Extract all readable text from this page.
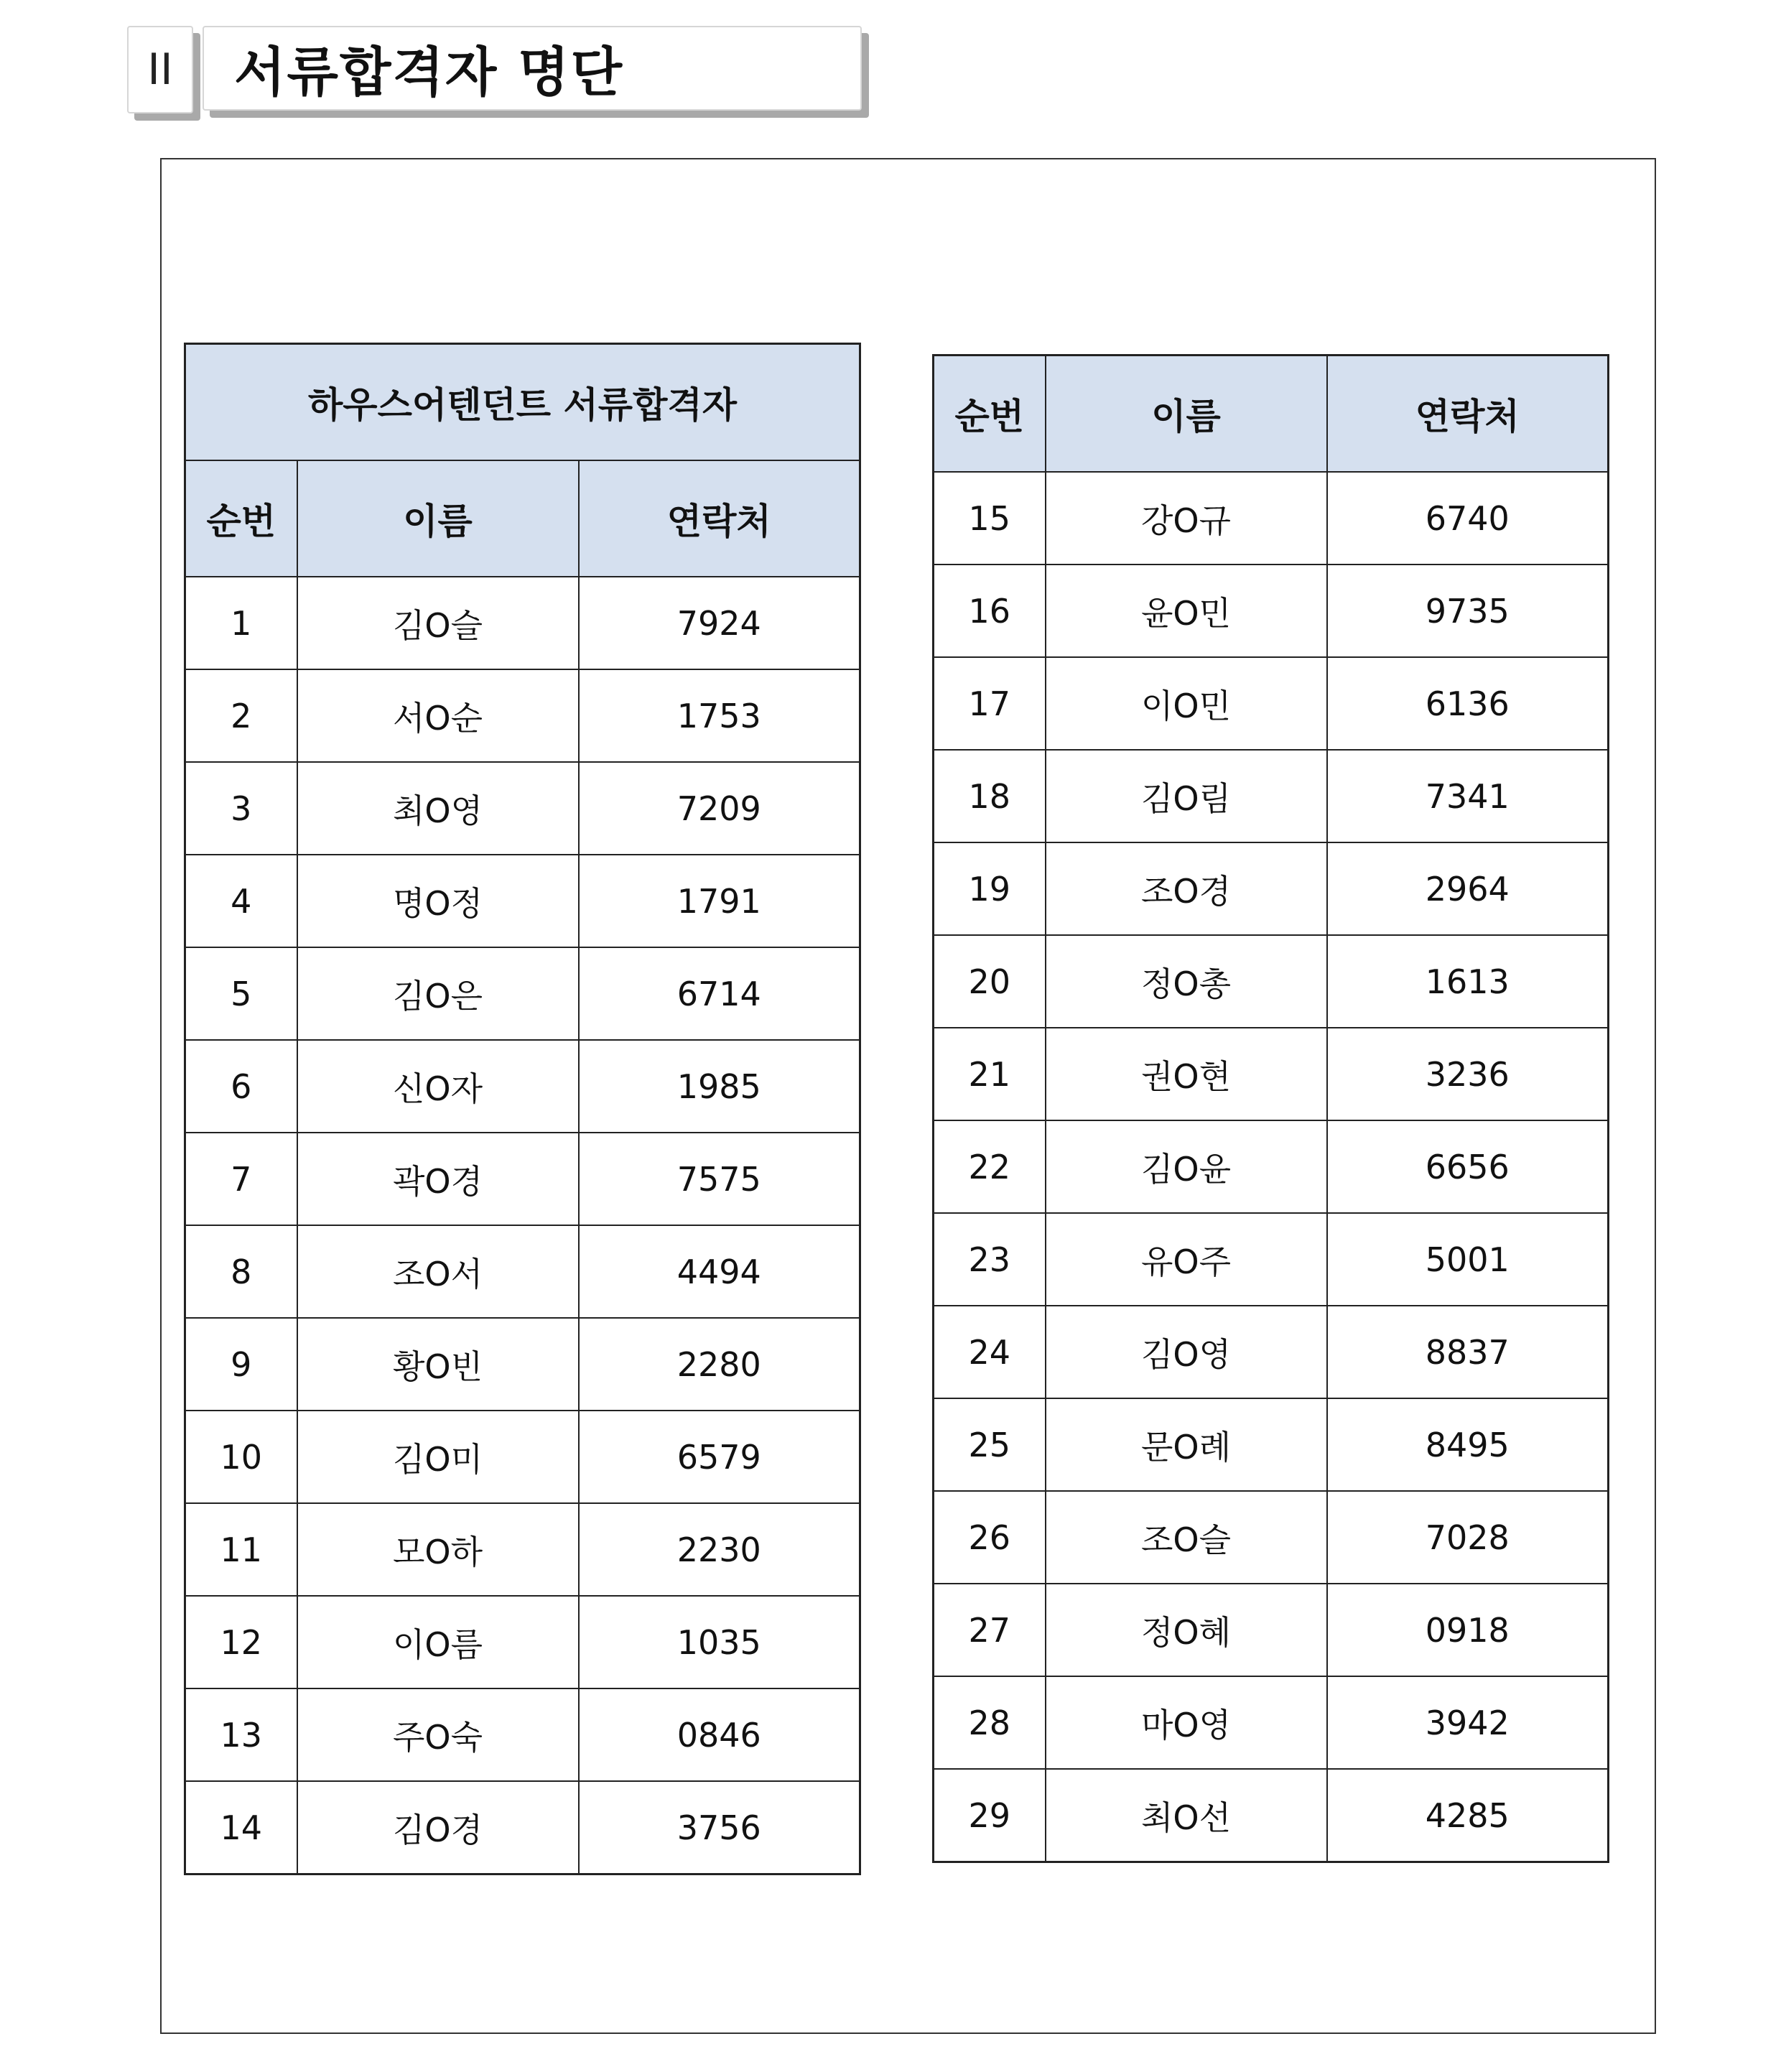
II	서류합격자 명단
하우스어텐던트 서류합격자		
순번	이름	연락처
1	김O슬	7924
2	서O순	1753
3	최O영	7209
4	명O정	1791
5	김O은	6714
6	신O자	1985
7	곽O경	7575
8	조O서	4494
9	황O빈	2280
10	김O미	6579
11	모O하	2230
12	이O름	1035
13	주O숙	0846
14	김O경	3756
순번	이름	연락처
15	강O규	6740
16	윤O민	9735
17	이O민	6136
18	김O림	7341
19	조O경	2964
20	정O총	1613
21	권O현	3236
22	김O윤	6656
23	유O주	5001
24	김O영	8837
25	문O례	8495
26	조O슬	7028
27	정O혜	0918
28	마O영	3942
29	최O선	4285
